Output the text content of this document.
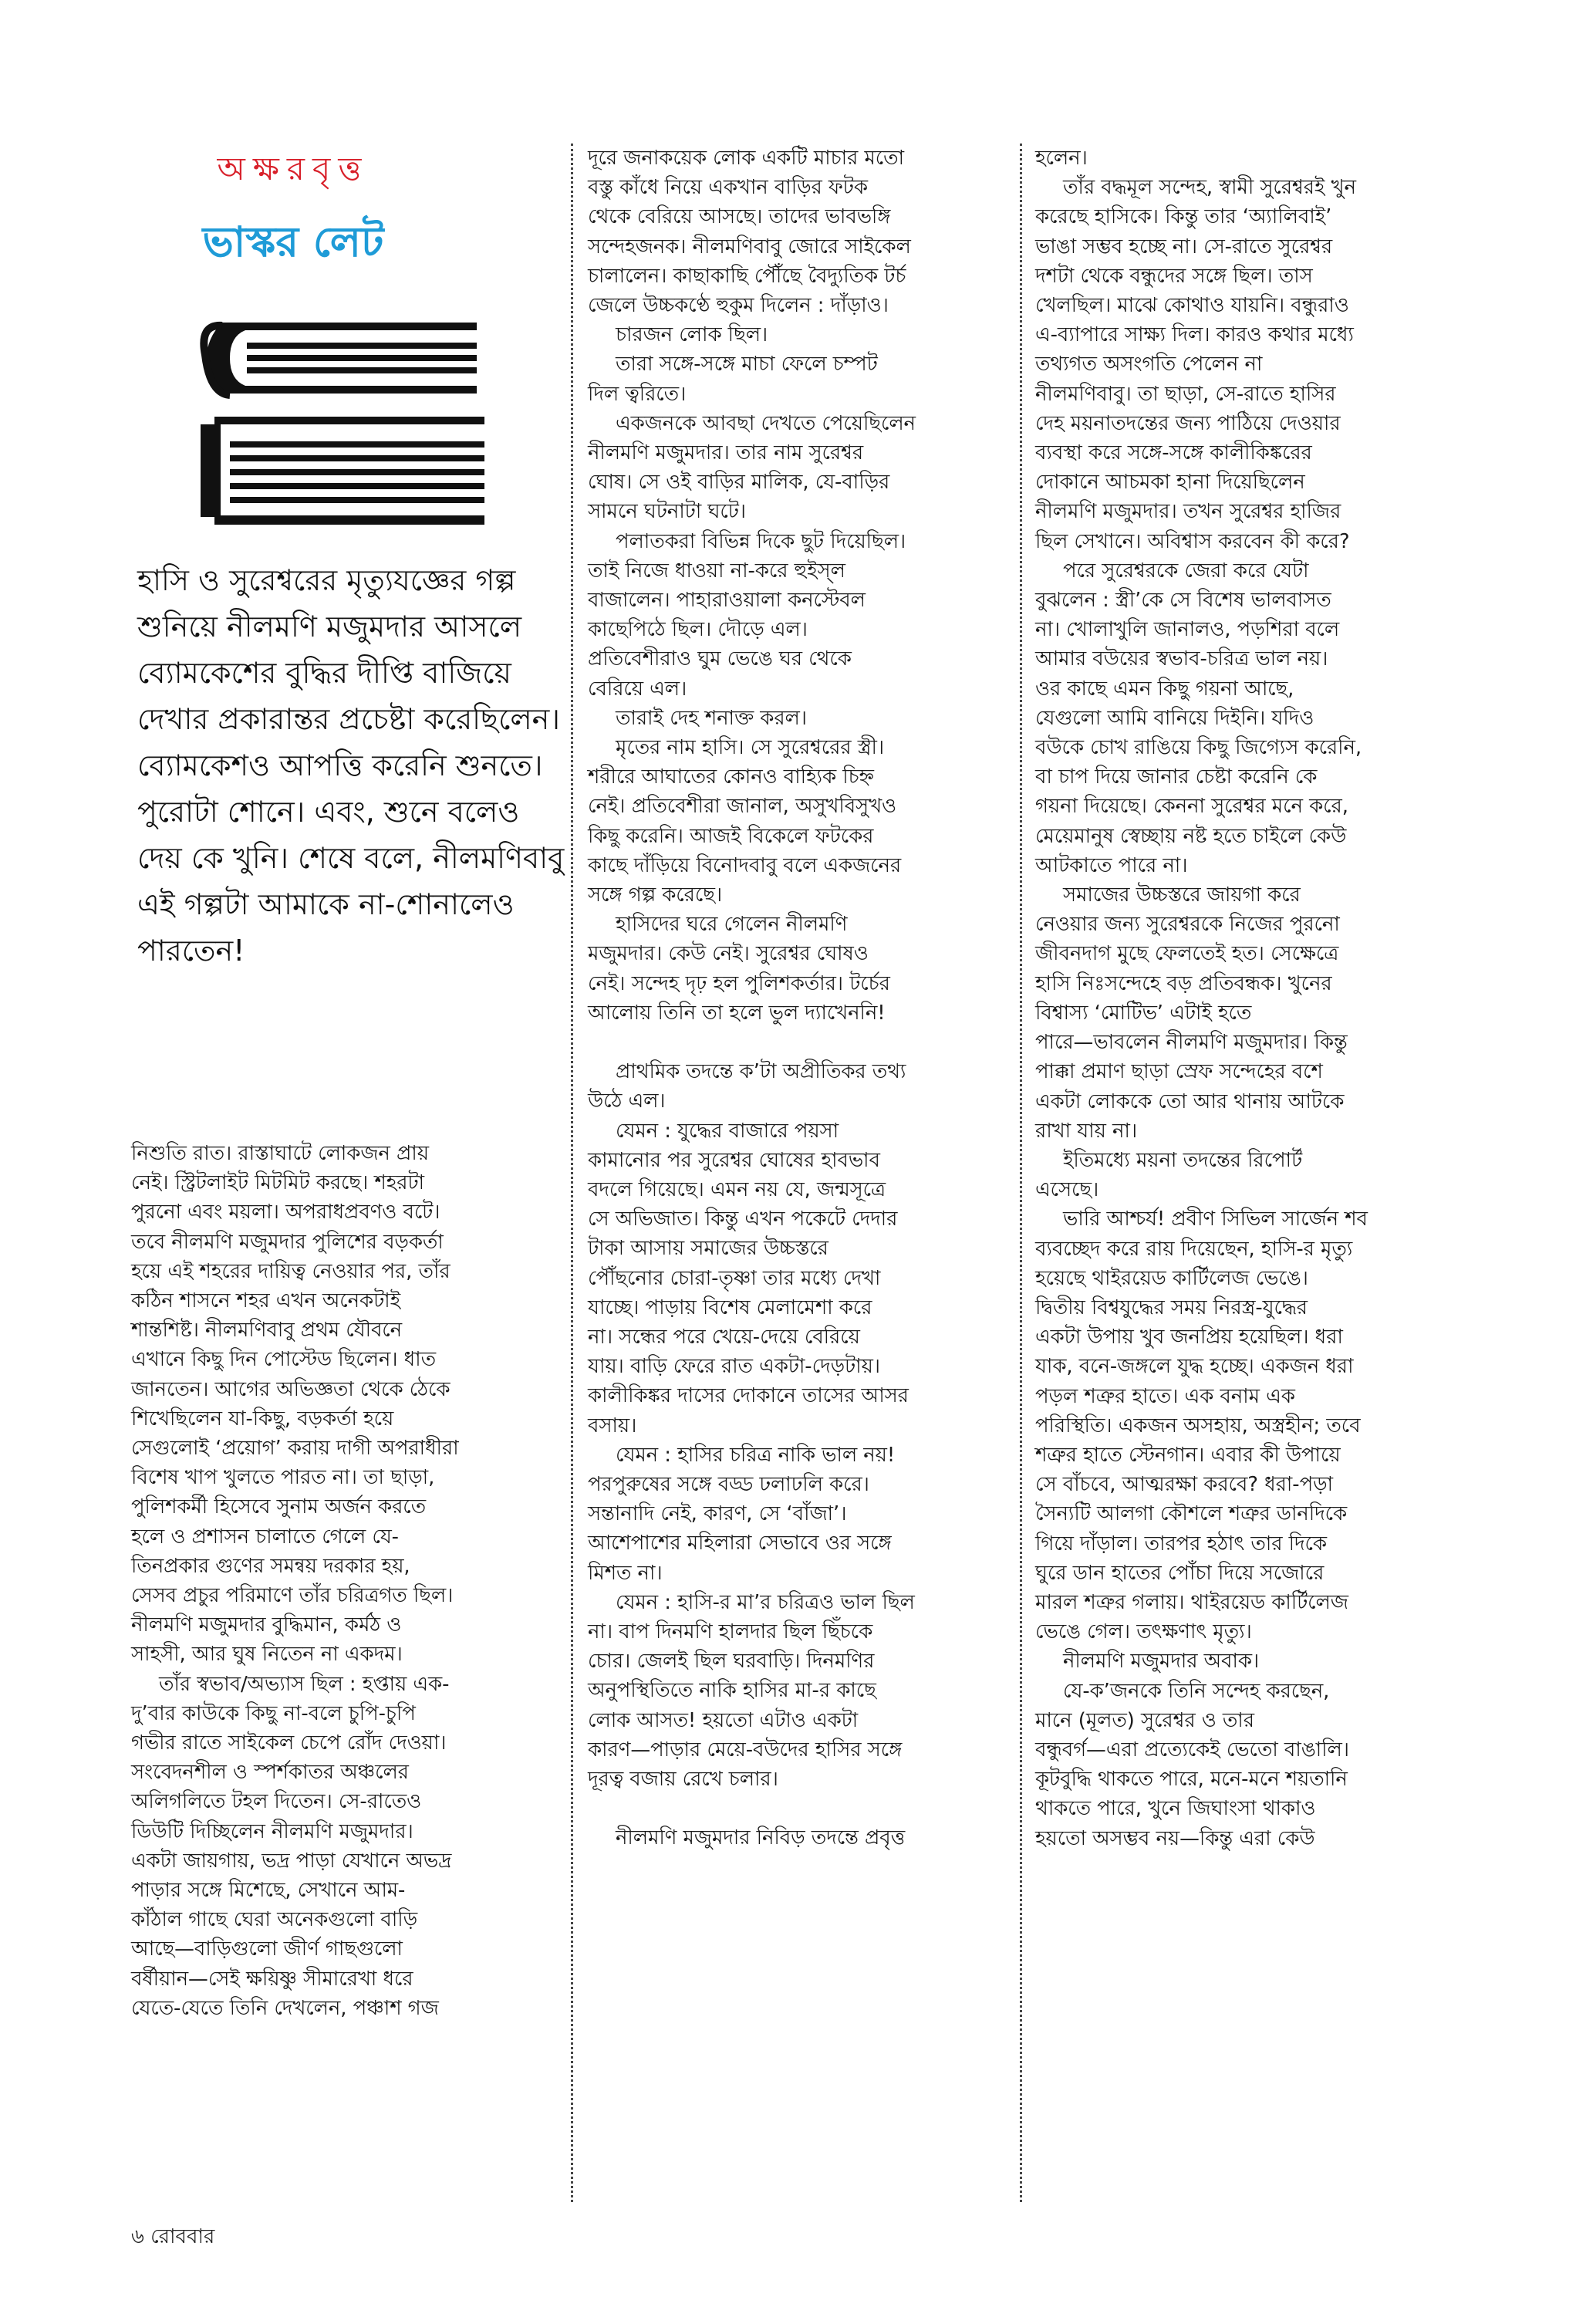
অক্ষরবৃত্ত
ভাস্কর লেট
হাসি ও সুরেশ্বরের মৃত্যুযজ্ঞের গল্প শুনিয়ে নীলমণি মজুমদার আসলে ব্যোমকেশের বুদ্ধির দীপ্তি বাজিয়ে দেখার প্রকারান্তর প্রচেষ্টা করেছিলেন। ব্যোমকেশও আপত্তি করেনি শুনতে। পুরোটা শোনে। এবং, শুনে বলেও দেয় কে খুনি। শেষে বলে, নীলমণিবাবু এই গল্পটা আমাকে না-শোনালেও পারতেন!

নিশুতি রাত। রাস্তাঘাটে লোকজন প্রায়

নেই। স্ট্রিটলাইট মিটমিট করছে। শহরটা

পুরনো এবং ময়লা। অপরাধপ্রবণও বটে।

তবে নীলমণি মজুমদার পুলিশের বড়কর্তা

হয়ে এই শহরের দায়িত্ব নেওয়ার পর, তাঁর

কঠিন শাসনে শহর এখন অনেকটাই

শান্তশিষ্ট। নীলমণিবাবু প্রথম যৌবনে

এখানে কিছু দিন পোস্টেড ছিলেন। ধাত

জানতেন। আগের অভিজ্ঞতা থেকে ঠেকে

শিখেছিলেন যা-কিছু, বড়কর্তা হয়ে

সেগুলোই ‘প্রয়োগ’ করায় দাগী অপরাধীরা

বিশেষ খাপ খুলতে পারত না। তা ছাড়া,

পুলিশকর্মী হিসেবে সুনাম অর্জন করতে

হলে ও প্রশাসন চালাতে গেলে যে-

তিনপ্রকার গুণের সমন্বয় দরকার হয়,

সেসব প্রচুর পরিমাণে তাঁর চরিত্রগত ছিল।

নীলমণি মজুমদার বুদ্ধিমান, কর্মঠ ও

সাহসী, আর ঘুষ নিতেন না একদম।

তাঁর স্বভাব/অভ্যাস ছিল : হপ্তায় এক-

দু’বার কাউকে কিছু না-বলে চুপি-চুপি

গভীর রাতে সাইকেল চেপে রোঁদ দেওয়া।

সংবেদনশীল ও স্পর্শকাতর অঞ্চলের

অলিগলিতে টহল দিতেন। সে-রাতেও

ডিউটি দিচ্ছিলেন নীলমণি মজুমদার।

একটা জায়গায়, ভদ্র পাড়া যেখানে অভদ্র

পাড়ার সঙ্গে মিশেছে, সেখানে আম-

কাঁঠাল গাছে ঘেরা অনেকগুলো বাড়ি

আছে—বাড়িগুলো জীর্ণ গাছগুলো

বর্ষীয়ান—সেই ক্ষয়িষ্ণু সীমারেখা ধরে

যেতে-যেতে তিনি দেখলেন, পঞ্চাশ গজ

দূরে জনাকয়েক লোক একটি মাচার মতো

বস্তু কাঁধে নিয়ে একখান বাড়ির ফটক

থেকে বেরিয়ে আসছে। তাদের ভাবভঙ্গি

সন্দেহজনক। নীলমণিবাবু জোরে সাইকেল

চালালেন। কাছাকাছি পৌঁছে বৈদ্যুতিক টর্চ

জেলে উচ্চকণ্ঠে হুকুম দিলেন : দাঁড়াও।

চারজন লোক ছিল।

তারা সঙ্গে-সঙ্গে মাচা ফেলে চম্পট

দিল ত্বরিতে।

একজনকে আবছা দেখতে পেয়েছিলেন

নীলমণি মজুমদার। তার নাম সুরেশ্বর

ঘোষ। সে ওই বাড়ির মালিক, যে-বাড়ির

সামনে ঘটনাটা ঘটে।

পলাতকরা বিভিন্ন দিকে ছুট দিয়েছিল।

তাই নিজে ধাওয়া না-করে হুইস্‌ল

বাজালেন। পাহারাওয়ালা কনস্টেবল

কাছেপিঠে ছিল। দৌড়ে এল।

প্রতিবেশীরাও ঘুম ভেঙে ঘর থেকে

বেরিয়ে এল।

তারাই দেহ শনাক্ত করল।

মৃতের নাম হাসি। সে সুরেশ্বরের স্ত্রী।

শরীরে আঘাতের কোনও বাহ্যিক চিহ্ন

নেই। প্রতিবেশীরা জানাল, অসুখবিসুখও

কিছু করেনি। আজই বিকেলে ফটকের

কাছে দাঁড়িয়ে বিনোদবাবু বলে একজনের

সঙ্গে গল্প করেছে।

হাসিদের ঘরে গেলেন নীলমণি

মজুমদার। কেউ নেই। সুরেশ্বর ঘোষও

নেই। সন্দেহ দৃঢ় হল পুলিশকর্তার। টর্চের

আলোয় তিনি তা হলে ভুল দ্যাখেননি!

প্রাথমিক তদন্তে ক’টা অপ্রীতিকর তথ্য

উঠে এল।

যেমন : যুদ্ধের বাজারে পয়সা

কামানোর পর সুরেশ্বর ঘোষের হাবভাব

বদলে গিয়েছে। এমন নয় যে, জন্মসূত্রে

সে অভিজাত। কিন্তু এখন পকেটে দেদার

টাকা আসায় সমাজের উচ্চস্তরে

পৌঁছনোর চোরা-তৃষ্ণা তার মধ্যে দেখা

যাচ্ছে। পাড়ায় বিশেষ মেলামেশা করে

না। সন্ধের পরে খেয়ে-দেয়ে বেরিয়ে

যায়। বাড়ি ফেরে রাত একটা-দেড়টায়।

কালীকিঙ্কর দাসের দোকানে তাসের আসর

বসায়।

যেমন : হাসির চরিত্র নাকি ভাল নয়!

পরপুরুষের সঙ্গে বড্ড ঢলাঢলি করে।

সন্তানাদি নেই, কারণ, সে ‘বাঁজা’।

আশেপাশের মহিলারা সেভাবে ওর সঙ্গে

মিশত না।

যেমন : হাসি-র মা’র চরিত্রও ভাল ছিল

না। বাপ দিনমণি হালদার ছিল ছিঁচকে

চোর। জেলই ছিল ঘরবাড়ি। দিনমণির

অনুপস্থিতিতে নাকি হাসির মা-র কাছে

লোক আসত! হয়তো এটাও একটা

কারণ—পাড়ার মেয়ে-বউদের হাসির সঙ্গে

দূরত্ব বজায় রেখে চলার।

নীলমণি মজুমদার নিবিড় তদন্তে প্রবৃত্ত

হলেন।

তাঁর বদ্ধমূল সন্দেহ, স্বামী সুরেশ্বরই খুন

করেছে হাসিকে। কিন্তু তার ‘অ্যালিবাই’

ভাঙা সম্ভব হচ্ছে না। সে-রাতে সুরেশ্বর

দশটা থেকে বন্ধুদের সঙ্গে ছিল। তাস

খেলছিল। মাঝে কোথাও যায়নি। বন্ধুরাও

এ-ব্যাপারে সাক্ষ্য দিল। কারও কথার মধ্যে

তথ্যগত অসংগতি পেলেন না

নীলমণিবাবু। তা ছাড়া, সে-রাতে হাসির

দেহ ময়নাতদন্তের জন্য পাঠিয়ে দেওয়ার

ব্যবস্থা করে সঙ্গে-সঙ্গে কালীকিঙ্করের

দোকানে আচমকা হানা দিয়েছিলেন

নীলমণি মজুমদার। তখন সুরেশ্বর হাজির

ছিল সেখানে। অবিশ্বাস করবেন কী করে?

পরে সুরেশ্বরকে জেরা করে যেটা

বুঝলেন : স্ত্রী’কে সে বিশেষ ভালবাসত

না। খোলাখুলি জানালও, পড়শিরা বলে

আমার বউয়ের স্বভাব-চরিত্র ভাল নয়।

ওর কাছে এমন কিছু গয়না আছে,

যেগুলো আমি বানিয়ে দিইনি। যদিও

বউকে চোখ রাঙিয়ে কিছু জিগ্যেস করেনি,

বা চাপ দিয়ে জানার চেষ্টা করেনি কে

গয়না দিয়েছে। কেননা সুরেশ্বর মনে করে,

মেয়েমানুষ স্বেচ্ছায় নষ্ট হতে চাইলে কেউ

আটকাতে পারে না।

সমাজের উচ্চস্তরে জায়গা করে

নেওয়ার জন্য সুরেশ্বরকে নিজের পুরনো

জীবনদাগ মুছে ফেলতেই হত। সেক্ষেত্রে

হাসি নিঃসন্দেহে বড় প্রতিবন্ধক। খুনের

বিশ্বাস্য ‘মোটিভ’ এটাই হতে

পারে—ভাবলেন নীলমণি মজুমদার। কিন্তু

পাক্কা প্রমাণ ছাড়া স্রেফ সন্দেহের বশে

একটা লোককে তো আর থানায় আটকে

রাখা যায় না।

ইতিমধ্যে ময়না তদন্তের রিপোর্ট

এসেছে।

ভারি আশ্চর্য! প্রবীণ সিভিল সার্জেন শব

ব্যবচ্ছেদ করে রায় দিয়েছেন, হাসি-র মৃত্যু

হয়েছে থাইরয়েড কার্টিলেজ ভেঙে।

দ্বিতীয় বিশ্বযুদ্ধের সময় নিরস্ত্র-যুদ্ধের

একটা উপায় খুব জনপ্রিয় হয়েছিল। ধরা

যাক, বনে-জঙ্গলে যুদ্ধ হচ্ছে। একজন ধরা

পড়ল শত্রুর হাতে। এক বনাম এক

পরিস্থিতি। একজন অসহায়, অস্ত্রহীন; তবে

শত্রুর হাতে স্টেনগান। এবার কী উপায়ে

সে বাঁচবে, আত্মরক্ষা করবে? ধরা-পড়া

সৈন্যটি আলগা কৌশলে শত্রুর ডানদিকে

গিয়ে দাঁড়াল। তারপর হঠাৎ তার দিকে

ঘুরে ডান হাতের পোঁচা দিয়ে সজোরে

মারল শত্রুর গলায়। থাইরয়েড কার্টিলেজ

ভেঙে গেল। তৎক্ষণাৎ মৃত্যু।

নীলমণি মজুমদার অবাক।

যে-ক’জনকে তিনি সন্দেহ করছেন,

মানে (মূলত) সুরেশ্বর ও তার

বন্ধুবর্গ—এরা প্রত্যেকেই ভেতো বাঙালি।

কূটবুদ্ধি থাকতে পারে, মনে-মনে শয়তানি

থাকতে পারে, খুনে জিঘাংসা থাকাও

হয়তো অসম্ভব নয়—কিন্তু এরা কেউ

৬ রোববার
